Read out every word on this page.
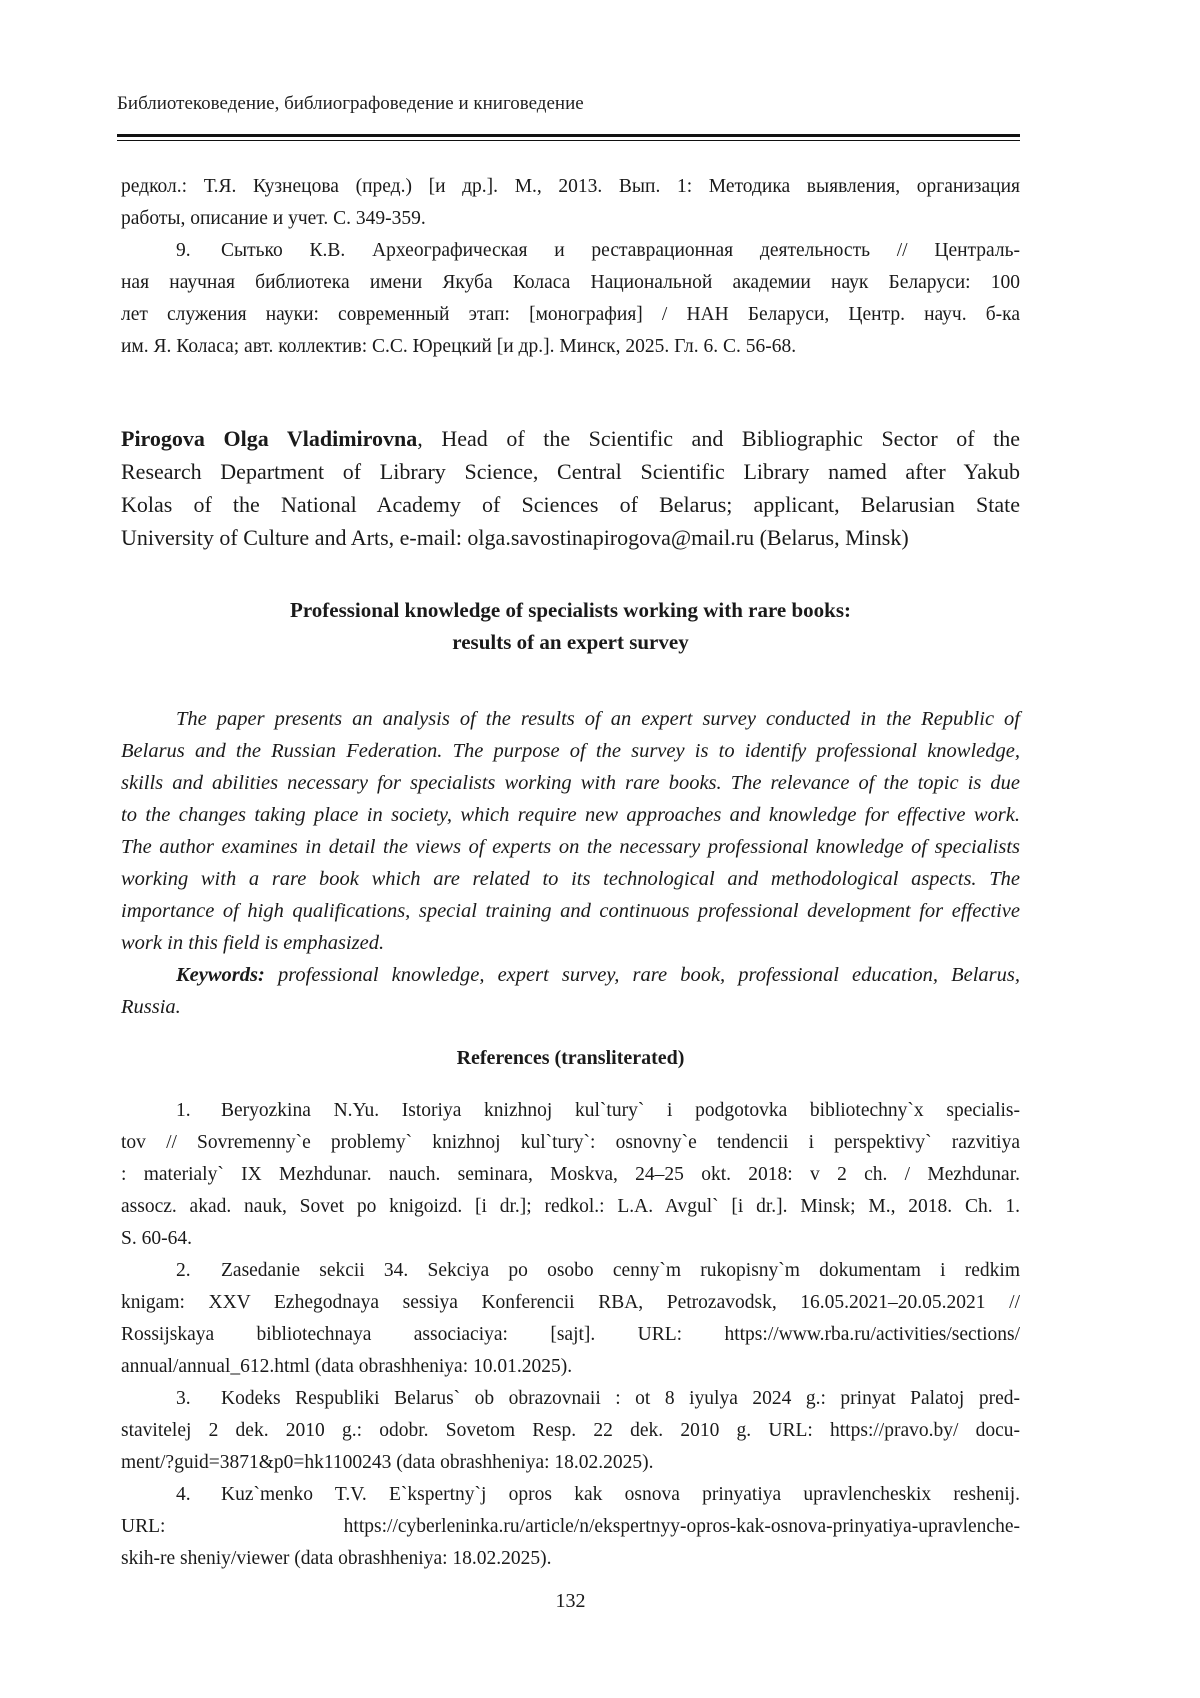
Библиотековедение, библиографоведение и книговедение
редкол.: Т.Я. Кузнецова (пред.) [и др.]. М., 2013. Вып. 1: Методика выявления, организация
работы, описание и учет. С. 349-359.
9. Сытько К.В. Археографическая и реставрационная деятельность // Централь-
ная научная библиотека имени Якуба Коласа Национальной академии наук Беларуси: 100
лет служения науки: современный этап: [монография] / НАН Беларуси, Центр. науч. б-ка
им. Я. Коласа; авт. коллектив: С.С. Юрецкий [и др.]. Минск, 2025. Гл. 6. С. 56-68.
Pirogova Olga Vladimirovna, Head of the Scientific and Bibliographic Sector of the
Research Department of Library Science, Central Scientific Library named after Yakub
Kolas of the National Academy of Sciences of Belarus; applicant, Belarusian State
University of Culture and Arts, e-mail: olga.savostinapirogova@mail.ru (Belarus, Minsk)
Professional knowledge of specialists working with rare books:
results of an expert survey
The paper presents an analysis of the results of an expert survey conducted in the Republic of
Belarus and the Russian Federation. The purpose of the survey is to identify professional knowledge,
skills and abilities necessary for specialists working with rare books. The relevance of the topic is due
to the changes taking place in society, which require new approaches and knowledge for effective work.
The author examines in detail the views of experts on the necessary professional knowledge of specialists
working with a rare book which are related to its technological and methodological aspects. The
importance of high qualifications, special training and continuous professional development for effective
work in this field is emphasized.
Keywords: professional knowledge, expert survey, rare book, professional education, Belarus,
Russia.
References (transliterated)
1. Beryozkina N.Yu. Istoriya knizhnoj kul`tury` i podgotovka bibliotechny`x specialis-
tov // Sovremenny`e problemy` knizhnoj kul`tury`: osnovny`e tendencii i perspektivy` razvitiya
: materialy` IX Mezhdunar. nauch. seminara, Moskva, 24–25 okt. 2018: v 2 ch. / Mezhdunar.
assocz. akad. nauk, Sovet po knigoizd. [i dr.]; redkol.: L.A. Avgul` [i dr.]. Minsk; M., 2018. Ch. 1.
S. 60-64.
2. Zasedanie sekcii 34. Sekciya po osobo cenny`m rukopisny`m dokumentam i redkim
knigam: XXV Ezhegodnaya sessiya Konferencii RBA, Petrozavodsk, 16.05.2021–20.05.2021 //
Rossijskaya bibliotechnaya associaciya: [sajt]. URL: https://www.rba.ru/activities/sections/
annual/annual_612.html (data obrashheniya: 10.01.2025).
3. Kodeks Respubliki Belarus` ob obrazovnaii : ot 8 iyulya 2024 g.: prinyat Palatoj pred-
stavitelej 2 dek. 2010 g.: odobr. Sovetom Resp. 22 dek. 2010 g. URL: https://pravo.by/ docu-
ment/?guid=3871&p0=hk1100243 (data obrashheniya: 18.02.2025).
4. Kuz`menko T.V. E`kspertny`j opros kak osnova prinyatiya upravlencheskix reshenij.
URL: https://cyberleninka.ru/article/n/ekspertnyy-opros-kak-osnova-prinyatiya-upravlenche-
skih-re sheniy/viewer (data obrashheniya: 18.02.2025).
132
